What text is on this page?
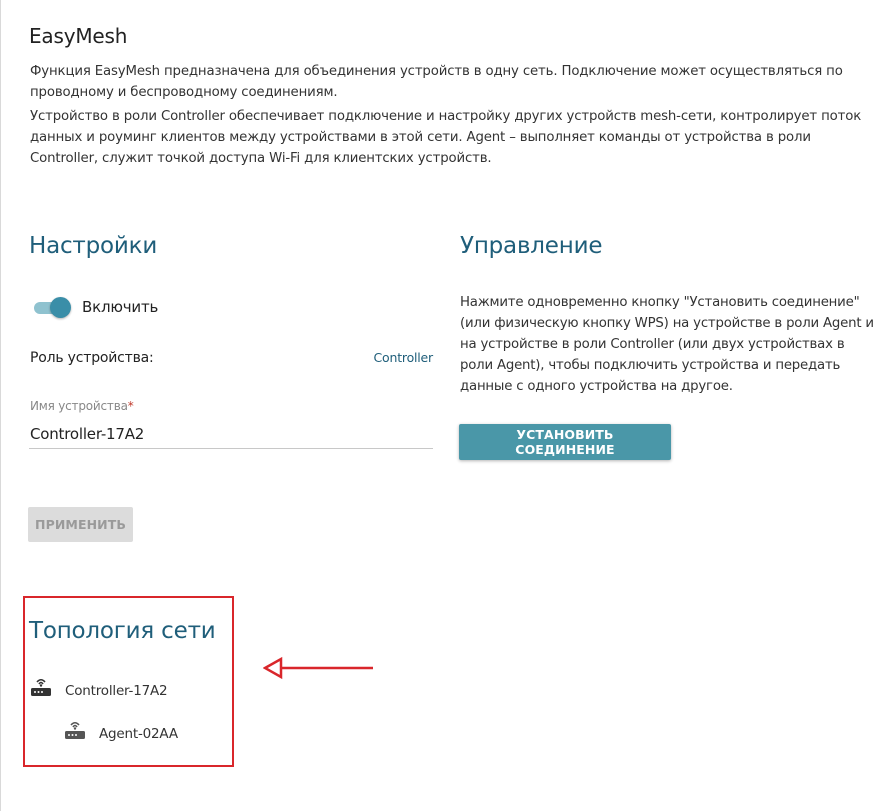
EasyMesh
Функция EasyMesh предназначена для объединения устройств в одну сеть. Подключение может осуществляться по проводному и беспроводному соединениям.
Устройство в роли Controller обеспечивает подключение и настройку других устройств mesh-сети, контролирует поток данных и роуминг клиентов между устройствами в этой сети. Agent – выполняет команды от устройства в роли Controller, служит точкой доступа Wi-Fi для клиентских устройств.
Настройки
Включить
Роль устройства:	Controller
Имя устройства*
Controller-17A2
ПРИМЕНИТЬ
Управление
Нажмите одновременно кнопку "Установить соединение" (или физическую кнопку WPS) на устройстве в роли Agent и на устройстве в роли Controller (или двух устройствах в роли Agent), чтобы подключить устройства и передать данные с одного устройства на другое.
УСТАНОВИТЬ СОЕДИНЕНИЕ
Топология сети
Controller-17A2
Agent-02AA
